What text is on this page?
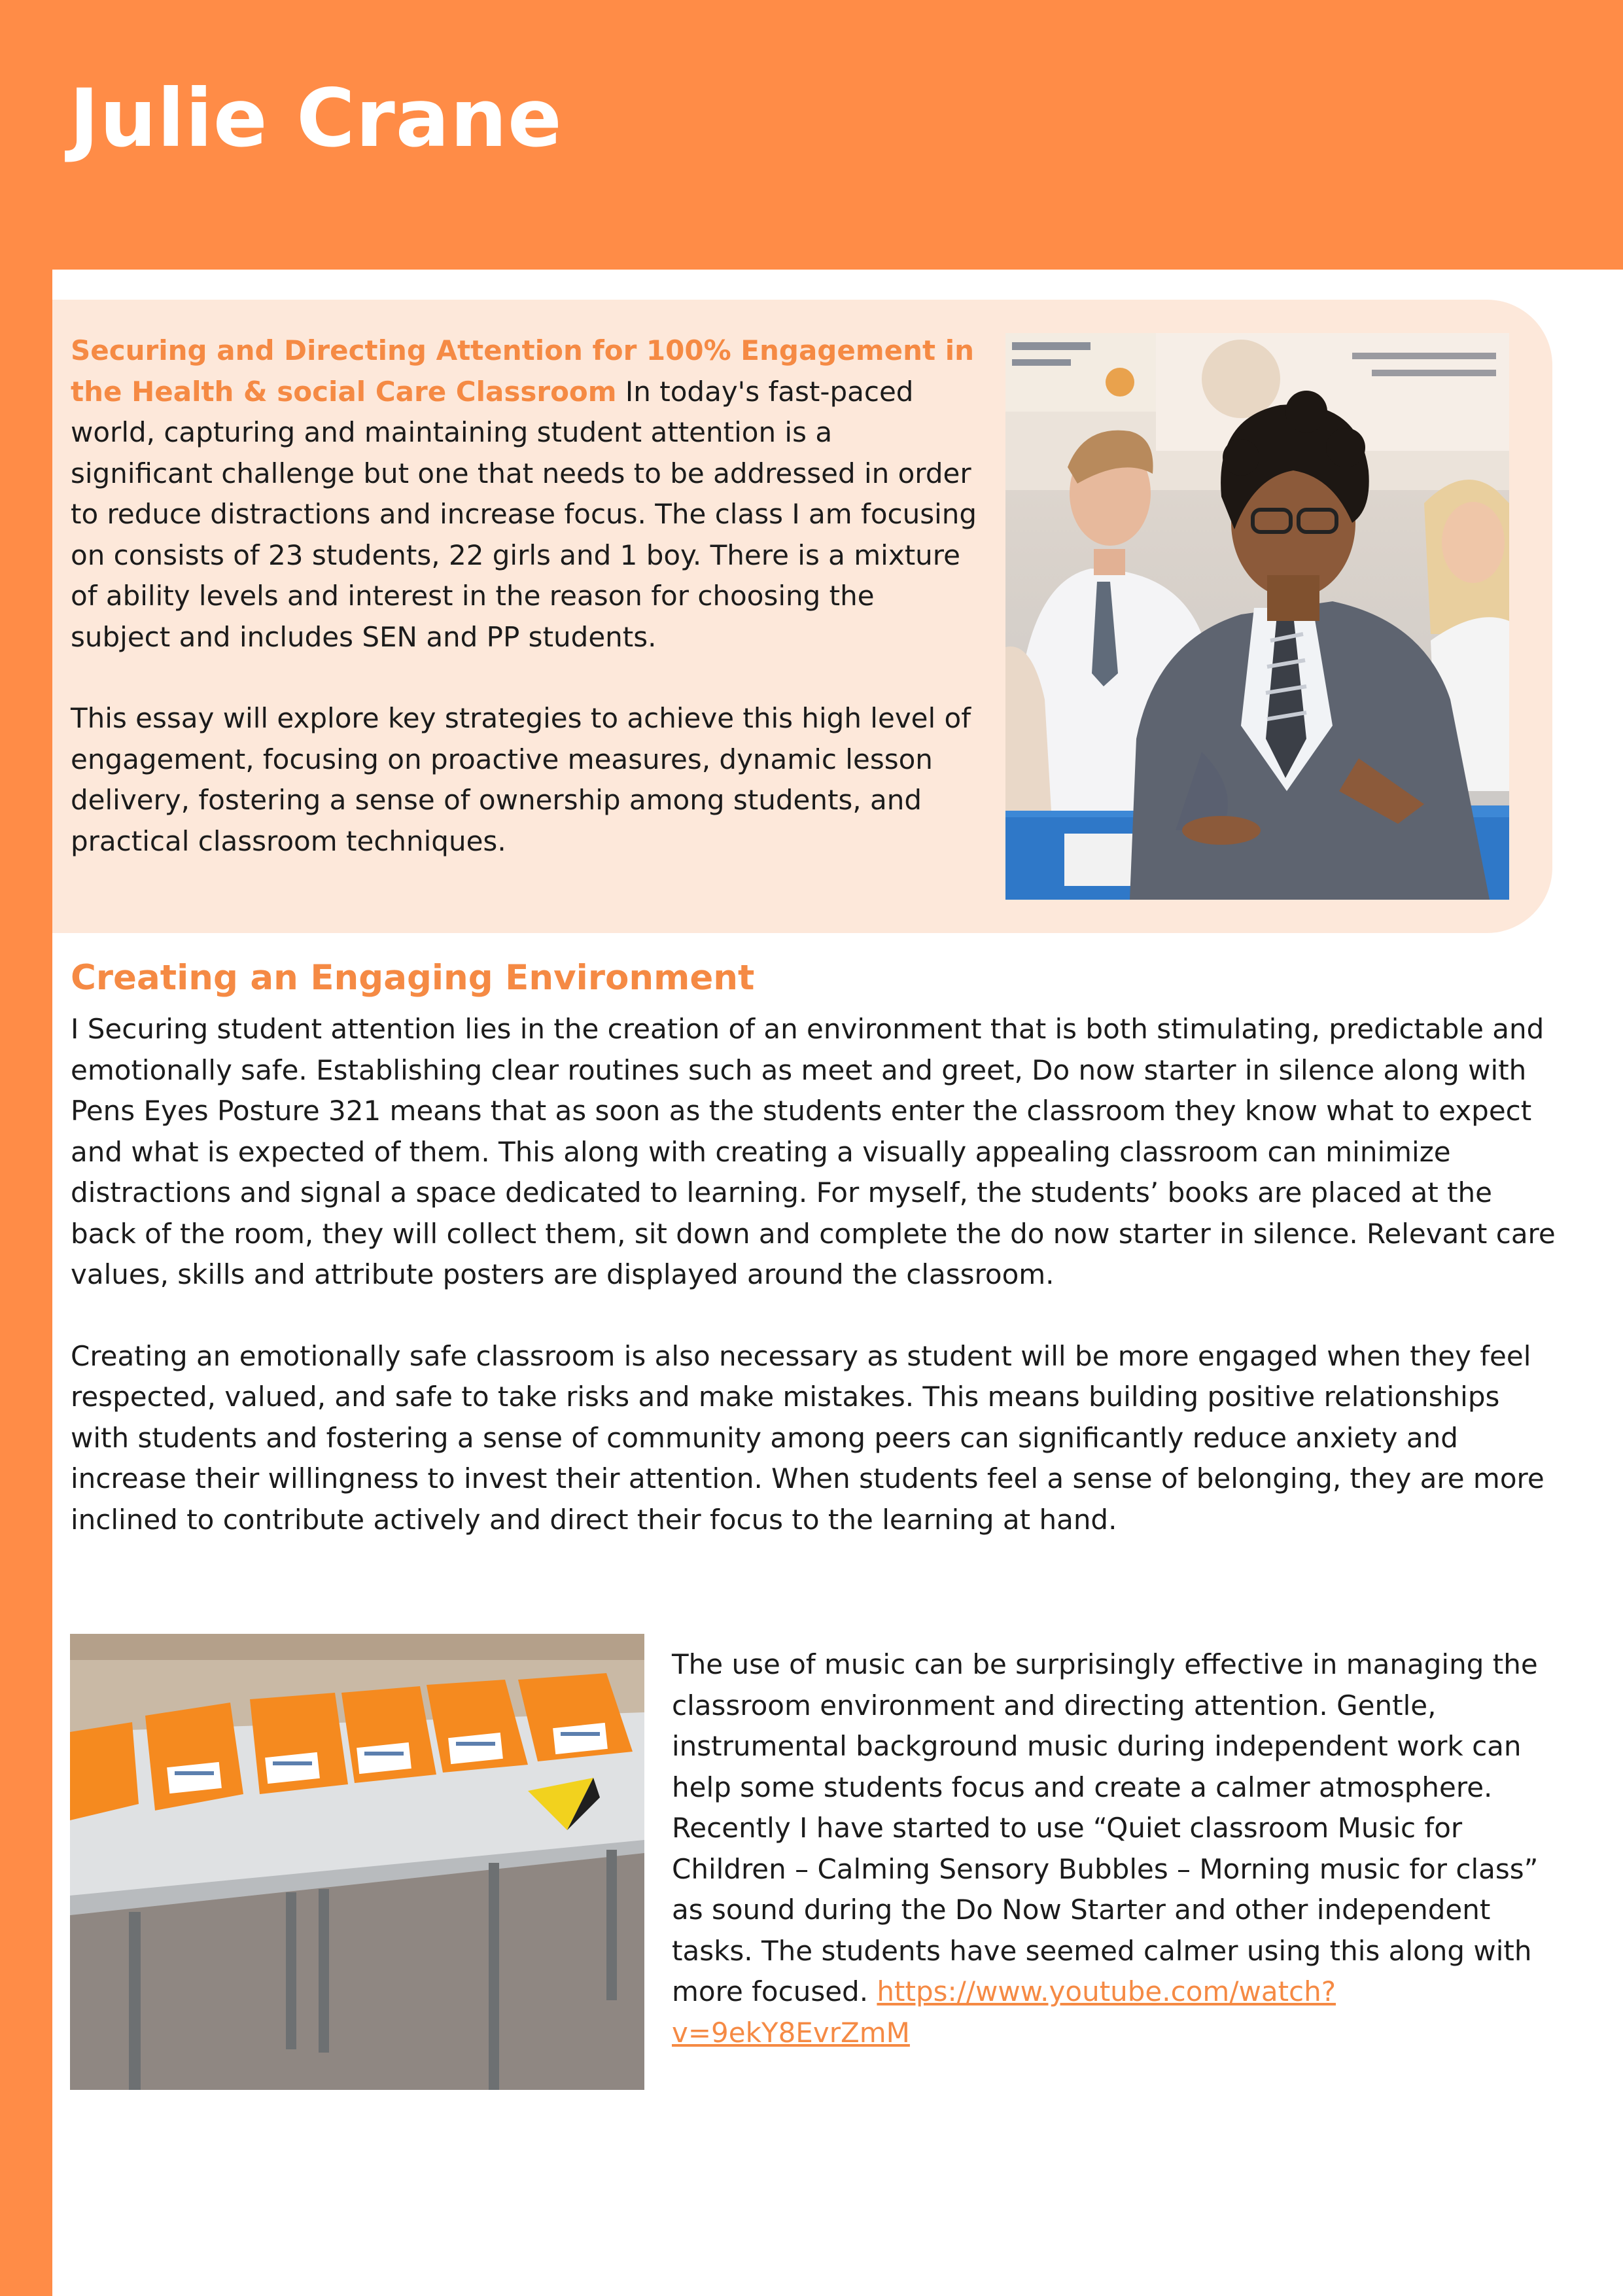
Julie Crane

Securing and Directing Attention for 100% Engagement in the Health & social Care Classroom In today's fast-paced world, capturing and maintaining student attention is a significant challenge but one that needs to be addressed in order to reduce distractions and increase focus. The class I am focusing on consists of 23 students, 22 girls and 1 boy. There is a mixture of ability levels and interest in the reason for choosing the subject and includes SEN and PP students.

This essay will explore key strategies to achieve this high level of engagement, focusing on proactive measures, dynamic lesson delivery, fostering a sense of ownership among students, and practical classroom techniques.

Creating an Engaging Environment

I Securing student attention lies in the creation of an environment that is both stimulating, predictable and emotionally safe. Establishing clear routines such as meet and greet, Do now starter in silence along with Pens Eyes Posture 321 means that as soon as the students enter the classroom they know what to expect and what is expected of them. This along with creating a visually appealing classroom can minimize distractions and signal a space dedicated to learning. For myself, the students’ books are placed at the back of the room, they will collect them, sit down and complete the do now starter in silence. Relevant care values, skills and attribute posters are displayed around the classroom.

Creating an emotionally safe classroom is also necessary as student will be more engaged when they feel respected, valued, and safe to take risks and make mistakes. This means building positive relationships with students and fostering a sense of community among peers can significantly reduce anxiety and increase their willingness to invest their attention. When students feel a sense of belonging, they are more inclined to contribute actively and direct their focus to the learning at hand.

The use of music can be surprisingly effective in managing the classroom environment and directing attention. Gentle, instrumental background music during independent work can help some students focus and create a calmer atmosphere. Recently I have started to use “Quiet classroom Music for Children – Calming Sensory Bubbles – Morning music for class” as sound during the Do Now Starter and other independent tasks. The students have seemed calmer using this along with more focused. https://www.youtube.com/watch?v=9ekY8EvrZmM
